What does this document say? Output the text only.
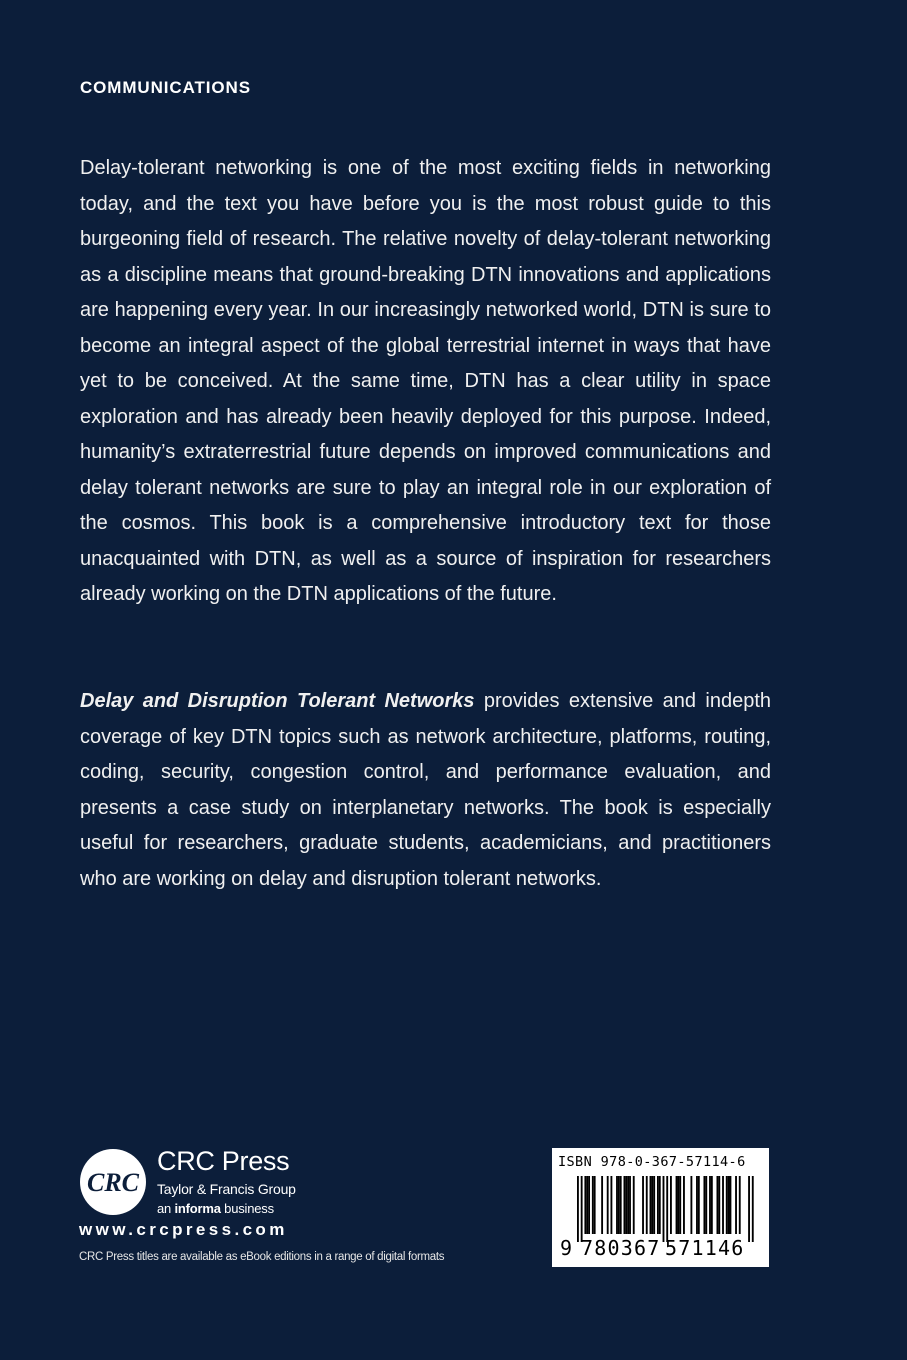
COMMUNICATIONS

Delay-tolerant networking is one of the most exciting fields in networking today, and the text you have before you is the most robust guide to this burgeoning field of research. The relative novelty of delay-tolerant networking as a discipline means that ground-breaking DTN innovations and applications are happening every year. In our increasingly networked world, DTN is sure to become an integral aspect of the global terrestrial internet in ways that have yet to be conceived. At the same time, DTN has a clear utility in space exploration and has already been heavily deployed for this purpose. Indeed, humanity’s extraterrestrial future depends on improved communications and delay tolerant networks are sure to play an integral role in our exploration of the cosmos. This book is a comprehensive introductory text for those unacquainted with DTN, as well as a source of inspiration for researchers already working on the DTN applications of the future.

Delay and Disruption Tolerant Networks provides extensive and indepth coverage of key DTN topics such as network architecture, platforms, routing, coding, security, congestion control, and performance evaluation, and presents a case study on interplanetary networks. The book is especially useful for researchers, graduate students, academicians, and practitioners who are working on delay and disruption tolerant networks.

CRC
CRC Press
Taylor & Francis Group
an informa business
www.crcpress.com
CRC Press titles are available as eBook editions in a range of digital formats
ISBN 978-0-367-57114-6
9 780367 571146
